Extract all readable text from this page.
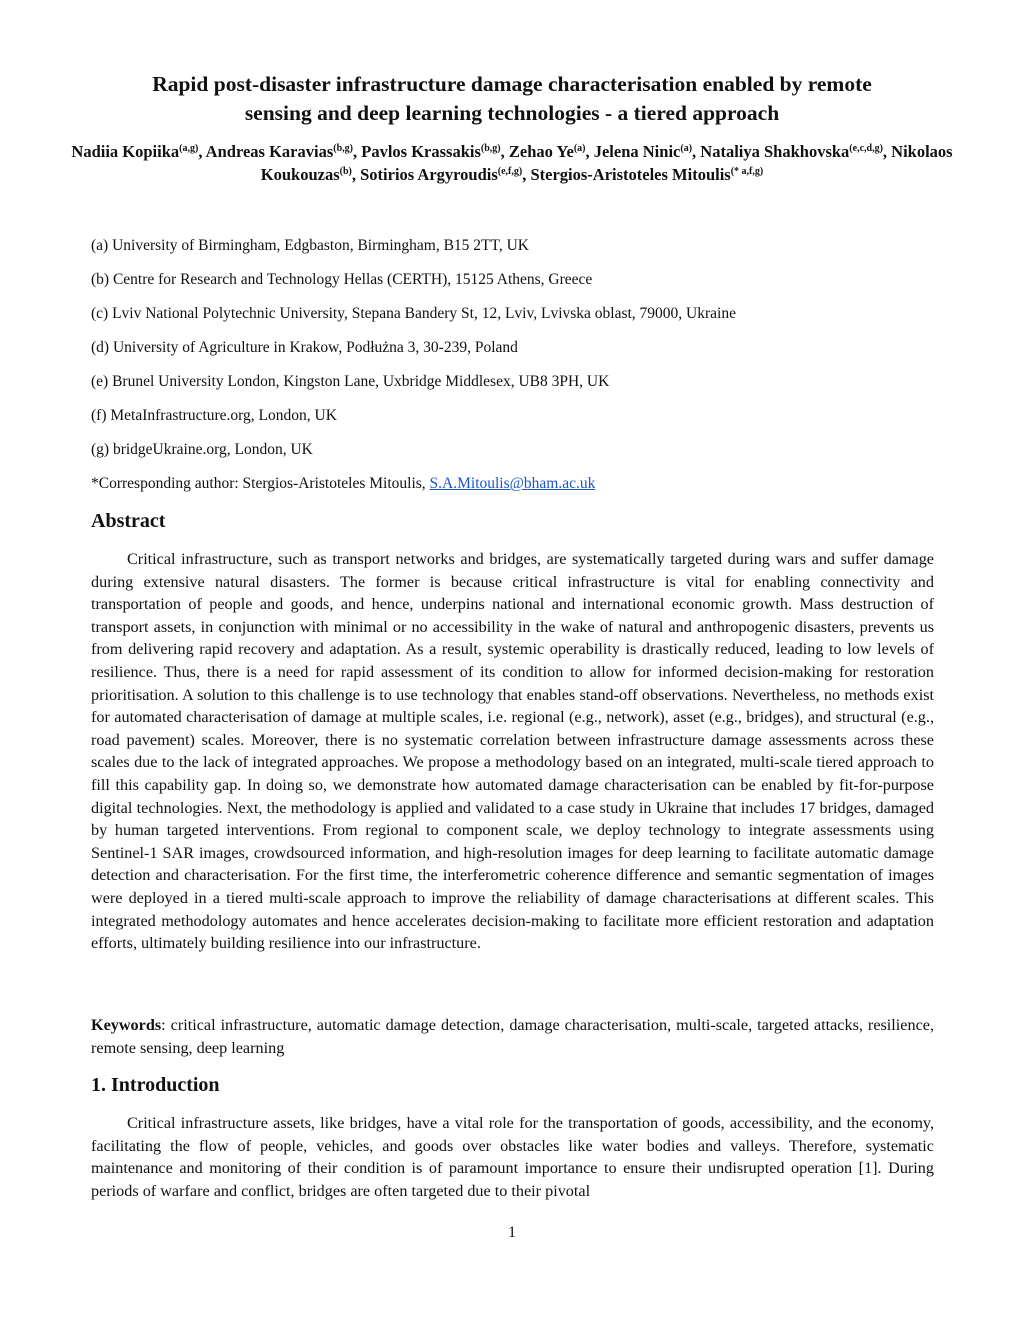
Rapid post-disaster infrastructure damage characterisation enabled by remote
sensing and deep learning technologies - a tiered approach
Nadiia Kopiika$^{(a,g)}$, Andreas Karavias$^{(b,g)}$, Pavlos Krassakis$^{(b,g)}$, Zehao Ye$^{(a)}$, Jelena Ninic$^{(a)}$, Nataliya Shakhovska$^{(e,c,d,g)}$, Nikolaos Koukouzas$^{(b)}$, Sotirios Argyroudis$^{(e,f,g)}$, Stergios-Aristoteles Mitoulis$^{(* a,f,g)}$
(a) University of Birmingham, Edgbaston, Birmingham, B15 2TT, UK
(b) Centre for Research and Technology Hellas (CERTH), 15125 Athens, Greece
(c) Lviv National Polytechnic University, Stepana Bandery St, 12, Lviv, Lvivska oblast, 79000, Ukraine
(d) University of Agriculture in Krakow, Podłużna 3, 30-239, Poland
(e) Brunel University London, Kingston Lane, Uxbridge Middlesex, UB8 3PH, UK
(f) MetaInfrastructure.org, London, UK
(g) bridgeUkraine.org, London, UK
*Corresponding author: Stergios-Aristoteles Mitoulis, S.A.Mitoulis@bham.ac.uk
Abstract

Critical infrastructure, such as transport networks and bridges, are systematically targeted during wars and suffer damage during extensive natural disasters. The former is because critical infrastructure is vital for enabling connectivity and transportation of people and goods, and hence, underpins national and international economic growth. Mass destruction of transport assets, in conjunction with minimal or no accessibility in the wake of natural and anthropogenic disasters, prevents us from delivering rapid recovery and adaptation. As a result, systemic operability is drastically reduced, leading to low levels of resilience. Thus, there is a need for rapid assessment of its condition to allow for informed decision-making for restoration prioritisation. A solution to this challenge is to use technology that enables stand-off observations. Nevertheless, no methods exist for automated characterisation of damage at multiple scales, i.e. regional (e.g., network), asset (e.g., bridges), and structural (e.g., road pavement) scales. Moreover, there is no systematic correlation between infrastructure damage assessments across these scales due to the lack of integrated approaches. We propose a methodology based on an integrated, multi-scale tiered approach to fill this capability gap. In doing so, we demonstrate how automated damage characterisation can be enabled by fit-for-purpose digital technologies. Next, the methodology is applied and validated to a case study in Ukraine that includes 17 bridges, damaged by human targeted interventions. From regional to component scale, we deploy technology to integrate assessments using Sentinel-1 SAR images, crowdsourced information, and high-resolution images for deep learning to facilitate automatic damage detection and characterisation. For the first time, the interferometric coherence difference and semantic segmentation of images were deployed in a tiered multi-scale approach to improve the reliability of damage characterisations at different scales. This integrated methodology automates and hence accelerates decision-making to facilitate more efficient restoration and adaptation efforts, ultimately building resilience into our infrastructure.

Keywords: critical infrastructure, automatic damage detection, damage characterisation, multi-scale, targeted attacks, resilience, remote sensing, deep learning

1. Introduction

Critical infrastructure assets, like bridges, have a vital role for the transportation of goods, accessibility, and the economy, facilitating the flow of people, vehicles, and goods over obstacles like water bodies and valleys. Therefore, systematic maintenance and monitoring of their condition is of paramount importance to ensure their undisrupted operation [1]. During periods of warfare and conflict, bridges are often targeted due to their pivotal

1
